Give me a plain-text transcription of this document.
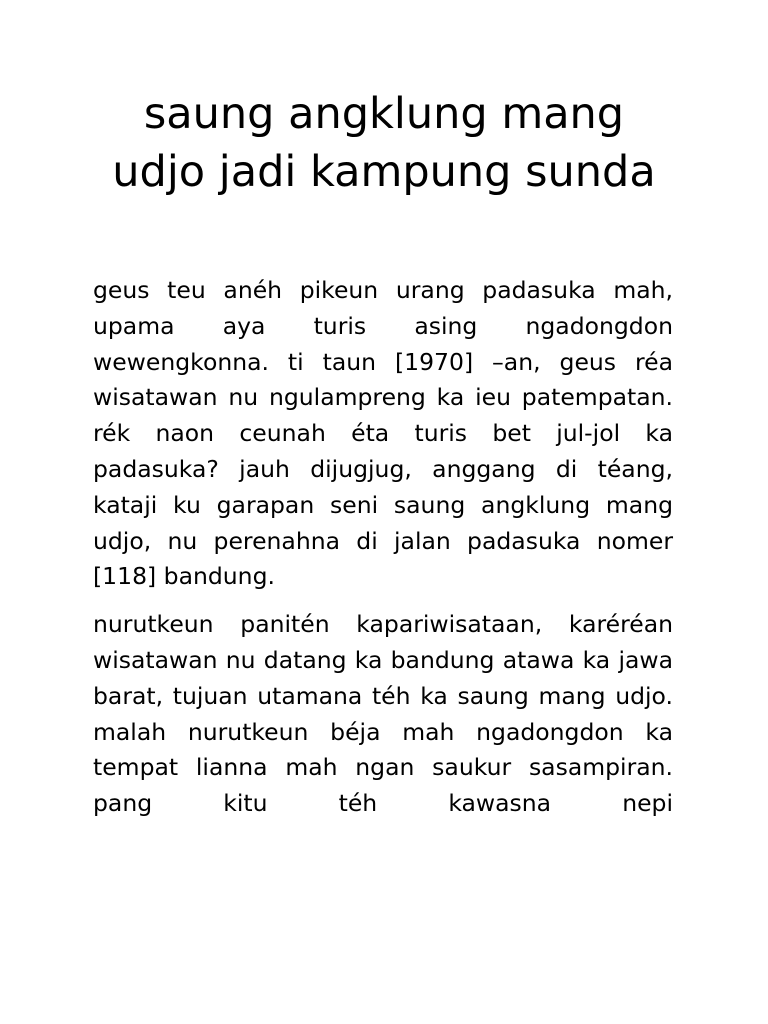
saung angklung mang udjo jadi kampung sunda

geus teu anéh pikeun urang padasuka mah, upama aya turis asing ngadongdon wewengkonna. ti taun [1970] –an, geus réa wisatawan nu ngulampreng ka ieu patempatan. rék naon ceunah éta turis bet jul-jol ka padasuka? jauh dijugjug, anggang di téang, kataji ku garapan seni saung angklung mang udjo, nu perenahna di jalan padasuka nomer [118] bandung.

nurutkeun panitén kapariwisataan, karéréan wisatawan nu datang ka bandung atawa ka jawa barat, tujuan utamana téh ka saung mang udjo. malah nurutkeun béja mah ngadongdon ka tempat lianna mah ngan saukur sasampiran. pang kitu téh kawasna nepi
